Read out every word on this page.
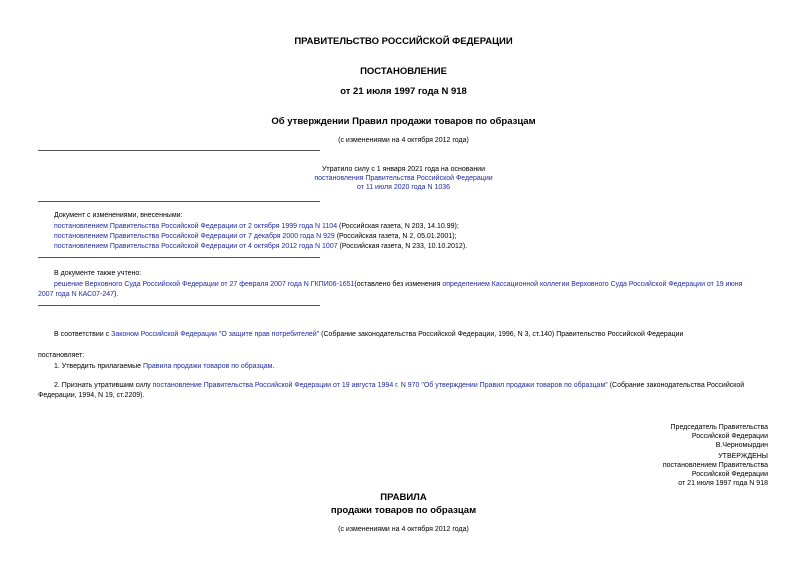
ПРАВИТЕЛЬСТВО РОССИЙСКОЙ ФЕДЕРАЦИИ
ПОСТАНОВЛЕНИЕ
от 21 июля 1997 года N 918
Об утверждении Правил продажи товаров по образцам
(с изменениями на 4 октября 2012 года)
Утратило силу с 1 января 2021 года на основании
постановления Правительства Российской Федерации
от 11 июля 2020 года N 1036
Документ с изменениями, внесенными:
постановлением Правительства Российской Федерации от 2 октября 1999 года N 1104 (Российская газета, N 203, 14.10.99);
постановлением Правительства Российской Федерации от 7 декабря 2000 года N 929 (Российская газета, N 2, 05.01.2001);
постановлением Правительства Российской Федерации от 4 октября 2012 года N 1007 (Российская газета, N 233, 10.10.2012).
В документе также учтено:
решение Верховного Суда Российской Федерации от 27 февраля 2007 года N ГКПИ06-1651(оставлено без изменения определением Кассационной коллегии Верховного Суда Российской Федерации от 19 июня
2007 года N КАС07-247).
В соответствии с Законом Российской Федерации "О защите прав потребителей" (Собрание законодательства Российской Федерации, 1996, N 3, ст.140) Правительство Российской Федерации
постановляет:
1. Утвердить прилагаемые Правила продажи товаров по образцам.
2. Признать утратившим силу постановление Правительства Российской Федерации от 19 августа 1994 г. N 970 "Об утверждении Правил продажи товаров по образцам" (Собрание законодательства Российской
Федерации, 1994, N 19, ст.2209).
Председатель Правительства
Российской Федерации
В.Черномырдин
УТВЕРЖДЕНЫ
постановлением Правительства
Российской Федерации
от 21 июля 1997 года N 918
ПРАВИЛА
продажи товаров по образцам
(с изменениями на 4 октября 2012 года)
